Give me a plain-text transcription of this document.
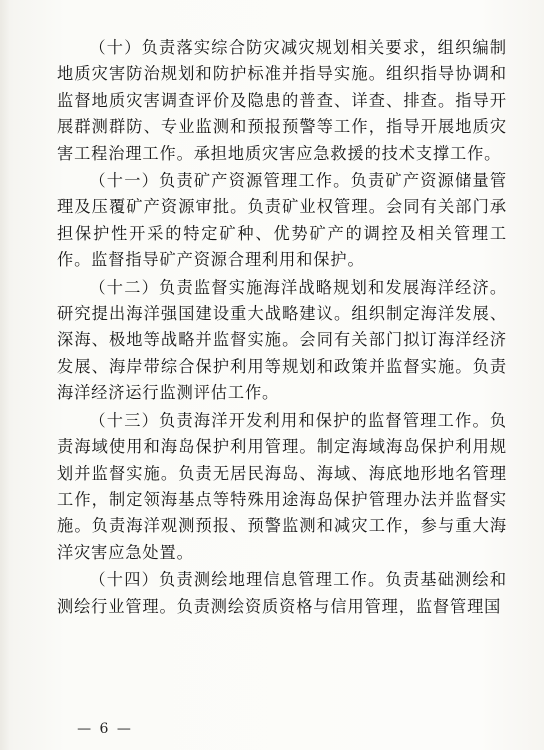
（十）负责落实综合防灾减灾规划相关要求，组织编制地质灾害防治规划和防护标准并指导实施。组织指导协调和监督地质灾害调查评价及隐患的普查、详查、排查。指导开展群测群防、专业监测和预报预警等工作，指导开展地质灾害工程治理工作。承担地质灾害应急救援的技术支撑工作。

（十一）负责矿产资源管理工作。负责矿产资源储量管理及压覆矿产资源审批。负责矿业权管理。会同有关部门承担保护性开采的特定矿种、优势矿产的调控及相关管理工作。监督指导矿产资源合理利用和保护。

（十二）负责监督实施海洋战略规划和发展海洋经济。研究提出海洋强国建设重大战略建议。组织制定海洋发展、深海、极地等战略并监督实施。会同有关部门拟订海洋经济发展、海岸带综合保护利用等规划和政策并监督实施。负责海洋经济运行监测评估工作。

（十三）负责海洋开发利用和保护的监督管理工作。负责海域使用和海岛保护利用管理。制定海域海岛保护利用规划并监督实施。负责无居民海岛、海域、海底地形地名管理工作，制定领海基点等特殊用途海岛保护管理办法并监督实施。负责海洋观测预报、预警监测和减灾工作，参与重大海洋灾害应急处置。

（十四）负责测绘地理信息管理工作。负责基础测绘和测绘行业管理。负责测绘资质资格与信用管理，监督管理国

— 6 —
